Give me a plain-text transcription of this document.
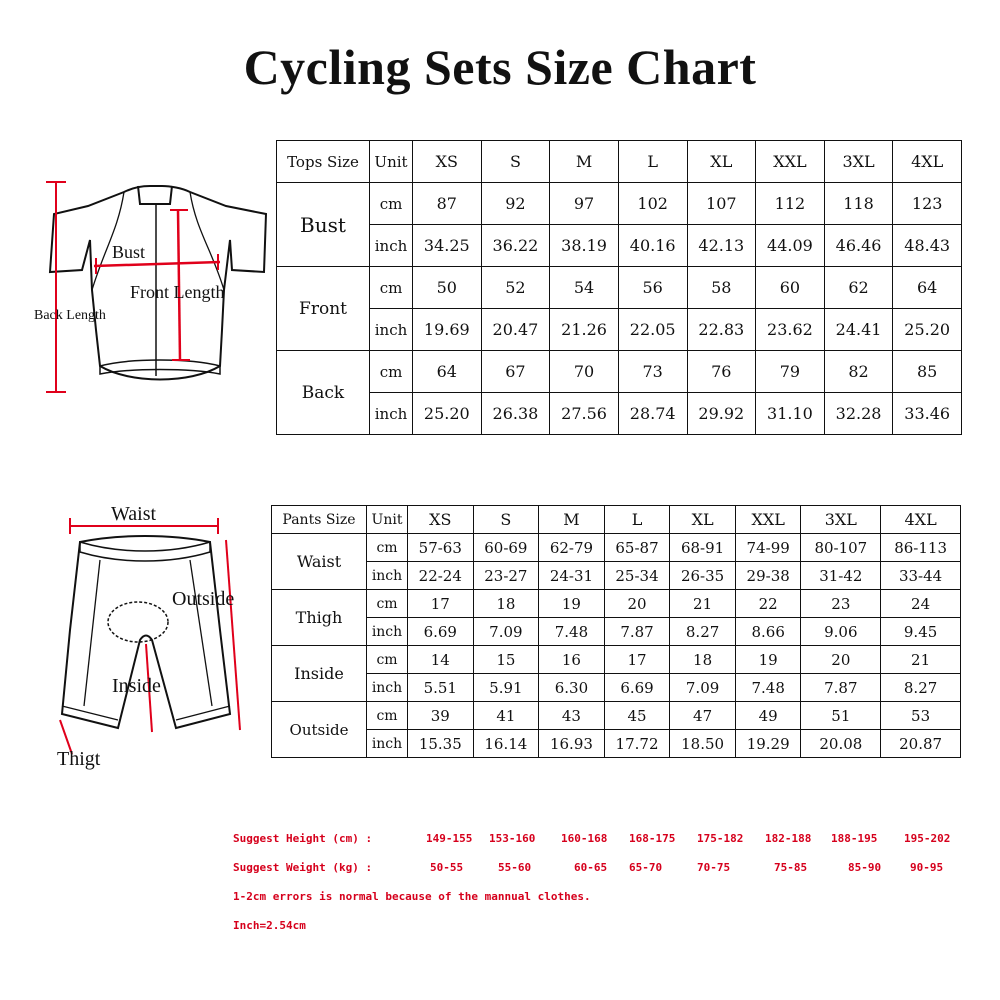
Cycling Sets Size Chart
Bust
Front Length
Back Length
Tops Size	Unit	XS	S	M	L	XL	XXL	3XL	4XL
Bust	cm	87	92	97	102	107	112	118	123
	inch	34.25	36.22	38.19	40.16	42.13	44.09	46.46	48.43
Front	cm	50	52	54	56	58	60	62	64
	inch	19.69	20.47	21.26	22.05	22.83	23.62	24.41	25.20
Back	cm	64	67	70	73	76	79	82	85
	inch	25.20	26.38	27.56	28.74	29.92	31.10	32.28	33.46
Waist
Outside
Inside
Thigt
Pants Size	Unit	XS	S	M	L	XL	XXL	3XL	4XL
Waist	cm	57-63	60-69	62-79	65-87	68-91	74-99	80-107	86-113
	inch	22-24	23-27	24-31	25-34	26-35	29-38	31-42	33-44
Thigh	cm	17	18	19	20	21	22	23	24
	inch	6.69	7.09	7.48	7.87	8.27	8.66	9.06	9.45
Inside	cm	14	15	16	17	18	19	20	21
	inch	5.51	5.91	6.30	6.69	7.09	7.48	7.87	8.27
Outside	cm	39	41	43	45	47	49	51	53
	inch	15.35	16.14	16.93	17.72	18.50	19.29	20.08	20.87
Suggest Height (cm) :	149-155 153-160 160-168 168-175 175-182 182-188 188-195 195-202
Suggest Weight (kg) :	50-55	55-60	60-65 65-70	70-75	75-85	85-90	90-95
1-2cm errors is normal because of the mannual clothes.
Inch=2.54cm
